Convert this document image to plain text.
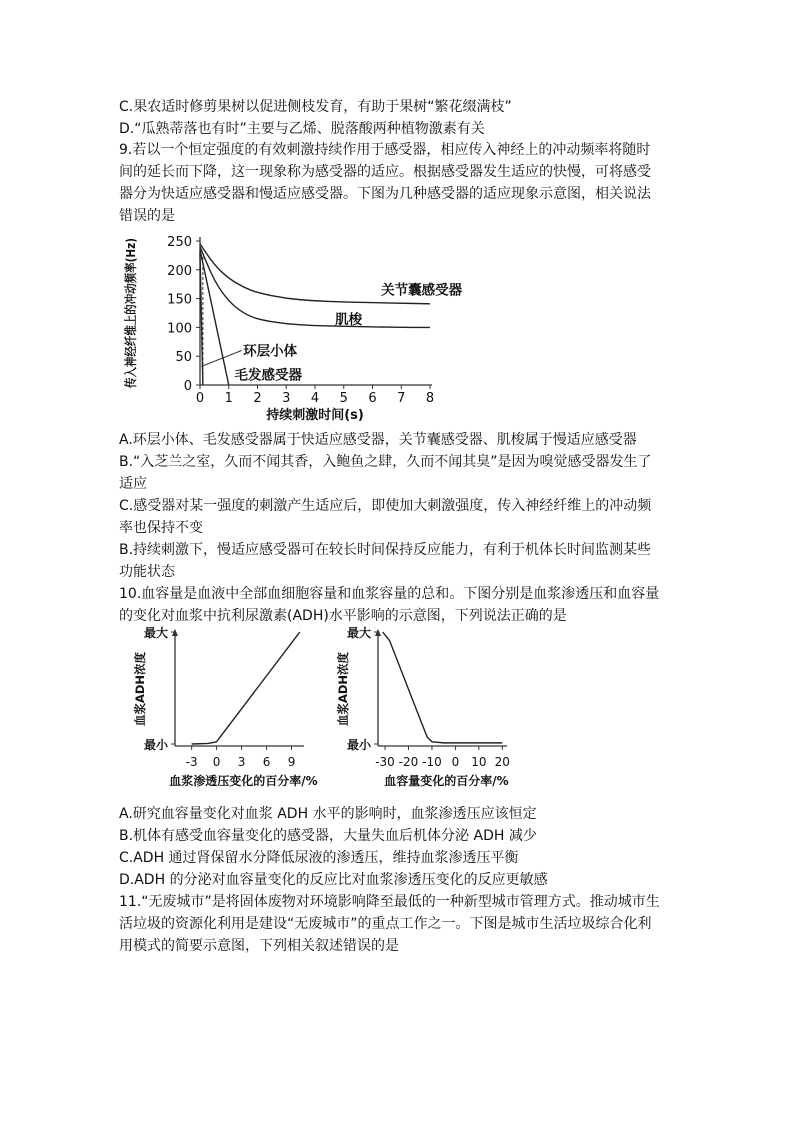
C.果农适时修剪果树以促进侧枝发育，有助于果树“繁花缀满枝”
D.“瓜熟蒂落也有时”主要与乙烯、脱落酸两种植物激素有关
9.若以一个恒定强度的有效刺激持续作用于感受器，相应传入神经上的冲动频率将随时
间的延长而下降，这一现象称为感受器的适应。根据感受器发生适应的快慢，可将感受
器分为快适应感受器和慢适应感受器。下图为几种感受器的适应现象示意图，相关说法
错误的是
0
50
100
150
200
250
0 1 2 3 4 5 6 7 8
持续刺激时间(s)
传入神经纤维上的冲动频率(Hz)	关节囊感受器
肌梭
环层小体
毛发感受器
A.环层小体、毛发感受器属于快适应感受器，关节囊感受器、肌梭属于慢适应感受器
B.“入芝兰之室，久而不闻其香，入鲍鱼之肆，久而不闻其臭”是因为嗅觉感受器发生了
适应
C.感受器对某一强度的刺激产生适应后，即使加大刺激强度，传入神经纤维上的冲动频
率也保持不变
B.持续刺激下，慢适应感受器可在较长时间保持反应能力，有利于机体长时间监测某些
功能状态
10.血容量是血液中全部血细胞容量和血浆容量的总和。下图分别是血浆渗透压和血容量
的变化对血浆中抗利尿激素(ADH)水平影响的示意图，下列说法正确的是
最小
最大
血浆ADH浓度
-3 0 3 6 9
血浆渗透压变化的百分率/%
最小
最大
血浆ADH浓度
-30 -20 -10 0 10 20
血容量变化的百分率/%
A.研究血容量变化对血浆 ADH 水平的影响时，血浆渗透压应该恒定
B.机体有感受血容量变化的感受器，大量失血后机体分泌 ADH 减少
C.ADH 通过肾保留水分降低尿液的渗透压，维持血浆渗透压平衡
D.ADH 的分泌对血容量变化的反应比对血浆渗透压变化的反应更敏感
11.“无废城市”是将固体废物对环境影响降至最低的一种新型城市管理方式。推动城市生
活垃圾的资源化利用是建设“无废城市”的重点工作之一。下图是城市生活垃圾综合化利
用模式的简要示意图，下列相关叙述错误的是
